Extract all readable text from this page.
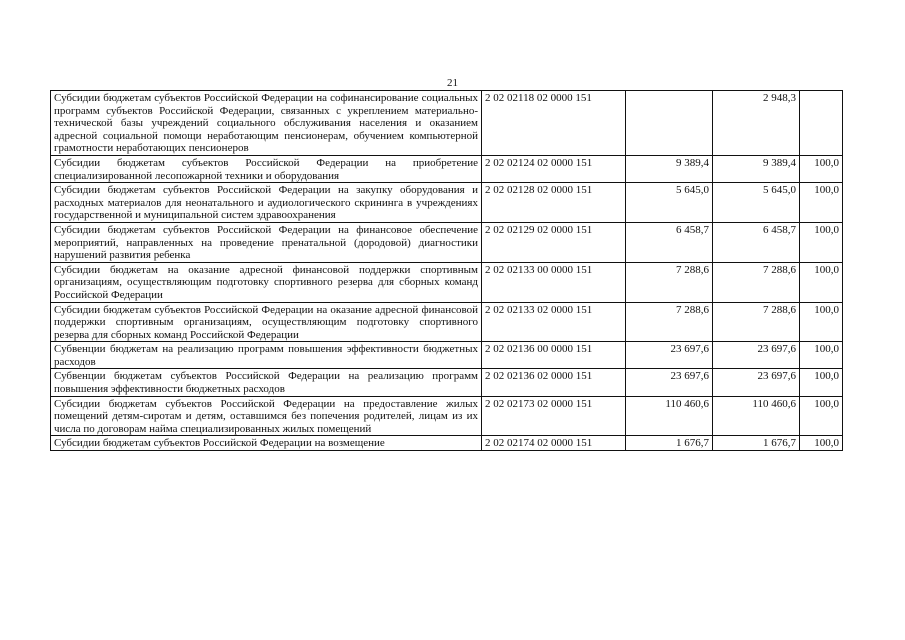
21
Субсидии бюджетам субъектов Российской Федерации на софинансирование социальных программ субъектов Российской Федерации, связанных с укреплением материально-технической базы учреждений социального обслуживания населения и оказанием адресной социальной помощи неработающим пенсионерам, обучением компьютерной грамотности неработающих пенсионеров	2 02 02118 02 0000 151		2 948,3	
Субсидии бюджетам субъектов Российской Федерации на приобретение специализированной лесопожарной техники и оборудования	2 02 02124 02 0000 151	9 389,4	9 389,4	100,0
Субсидии бюджетам субъектов Российской Федерации на закупку оборудования и расходных материалов для неонатального и аудиологического скрининга в учреждениях государственной и муниципальной систем здравоохранения	2 02 02128 02 0000 151	5 645,0	5 645,0	100,0
Субсидии бюджетам субъектов Российской Федерации на финансовое обеспечение мероприятий, направленных на проведение пренатальной (дородовой) диагностики нарушений развития ребенка	2 02 02129 02 0000 151	6 458,7	6 458,7	100,0
Субсидии бюджетам на оказание адресной финансовой поддержки спортивным организациям, осуществляющим подготовку спортивного резерва для сборных команд Российской Федерации	2 02 02133 00 0000 151	7 288,6	7 288,6	100,0
Субсидии бюджетам субъектов Российской Федерации на оказание адресной финансовой поддержки спортивным организациям, осуществляющим подготовку спортивного резерва для сборных команд Российской Федерации	2 02 02133 02 0000 151	7 288,6	7 288,6	100,0
Субвенции бюджетам на реализацию программ повышения эффективности бюджетных расходов	2 02 02136 00 0000 151	23 697,6	23 697,6	100,0
Субвенции бюджетам субъектов Российской Федерации на реализацию программ повышения эффективности бюджетных расходов	2 02 02136 02 0000 151	23 697,6	23 697,6	100,0
Субсидии бюджетам субъектов Российской Федерации на предоставление жилых помещений детям-сиротам и детям, оставшимся без попечения родителей, лицам из их числа по договорам найма специализированных жилых помещений	2 02 02173 02 0000 151	110 460,6	110 460,6	100,0
Субсидии бюджетам субъектов Российской Федерации на возмещение	2 02 02174 02 0000 151	1 676,7	1 676,7	100,0
